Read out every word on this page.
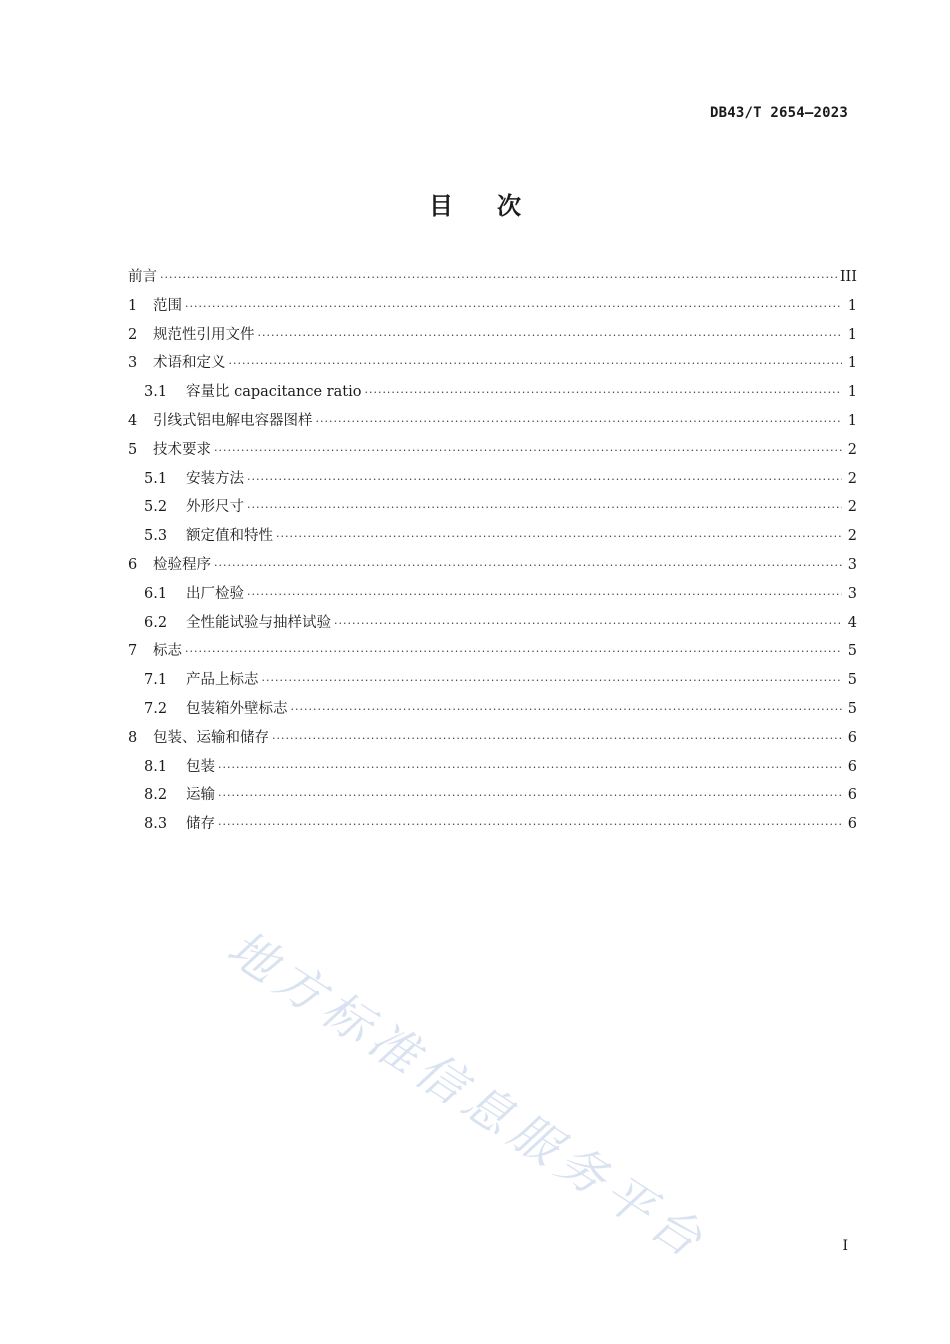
DB43/T 2654—2023
目 次
前言 ·····	III
1	范围 ·····	1
2	规范性引用文件 ·····	1
3	术语和定义 ·····	1
3.1	容量比 capacitance ratio ·····	1
4	引线式铝电解电容器图样 ·····	1
5	技术要求 ·····	2
5.1	安装方法 ·····	2
5.2	外形尺寸 ·····	2
5.3	额定值和特性 ·····	2
6	检验程序 ·····	3
6.1	出厂检验 ·····	3
6.2	全性能试验与抽样试验 ·····	4
7	标志 ·····	5
7.1	产品上标志 ·····	5
7.2	包装箱外壁标志 ·····	5
8	包装、运输和储存 ·····	6
8.1	包装 ·····	6
8.2	运输 ·····	6
8.3	储存 ·····	6
地方标准信息服务平台	I
